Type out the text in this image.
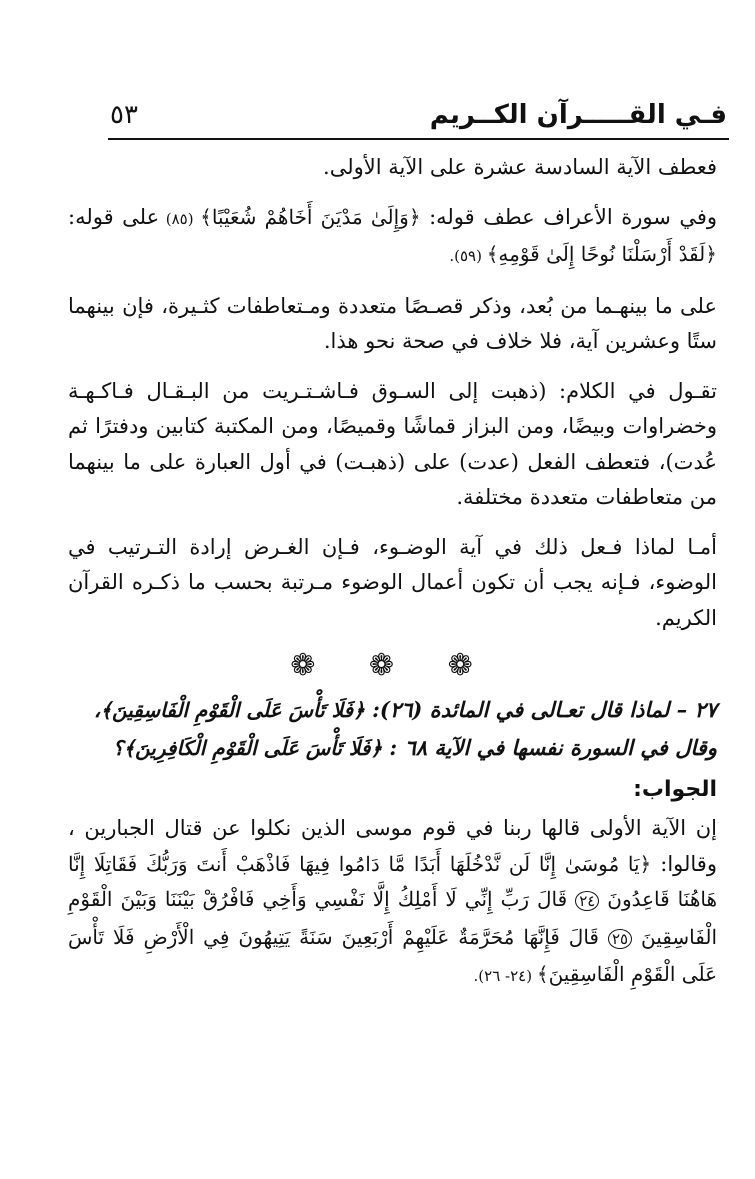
فـي القـــــرآن الكــريم
٥٣

فعطف الآية السادسة عشرة على الآية الأولى.

وفي سورة الأعراف عطف قوله: ﴿وَإِلَىٰ مَدْيَنَ أَخَاهُمْ شُعَيْبًا﴾ (٨٥) على قوله: ﴿لَقَدْ أَرْسَلْنَا نُوحًا إِلَىٰ قَوْمِهِ﴾ (٥٩).

على ما بينهـما من بُعد، وذكر قصـصًا متعددة ومـتعاطفات كثـيرة، فإن بينهما ستًا وعشرين آية، فلا خلاف في صحة نحو هذا.

تقـول في الكلام: (ذهبت إلى السـوق فـاشـتـريت من البـقـال فـاكـهـة وخضراوات وبيضًا، ومن البزاز قماشًا وقميصًا، ومن المكتبة كتابين ودفترًا ثم عُدت)، فتعطف الفعل (عدت) على (ذهبـت) في أول العبارة على ما بينهما من متعاطفات متعددة مختلفة.

أمـا لماذا فـعل ذلك في آية الوضـوء، فـإن الغـرض إرادة التـرتيب في الوضوء، فـإنه يجب أن تكون أعمال الوضوء مـرتبة بحسب ما ذكـره القرآن الكريم.

❁ ❁ ❁

٢٧ – لماذا قال تعـالى في المائدة (٢٦): ﴿فَلَا تَأْسَ عَلَى الْقَوْمِ الْفَاسِقِينَ﴾،

وقال في السورة نفسها في الآية ٦٨ : ﴿فَلَا تَأْسَ عَلَى الْقَوْمِ الْكَافِرِينَ﴾؟

الجواب:

إن الآية الأولى قالها ربنا في قوم موسى الذين نكلوا عن قتال الجبارين ، وقالوا: ﴿يَا مُوسَىٰ إِنَّا لَن نَّدْخُلَهَا أَبَدًا مَّا دَامُوا فِيهَا فَاذْهَبْ أَنتَ وَرَبُّكَ فَقَاتِلَا إِنَّا هَاهُنَا قَاعِدُونَ ٢٤ قَالَ رَبِّ إِنِّي لَا أَمْلِكُ إِلَّا نَفْسِي وَأَخِي فَافْرُقْ بَيْنَنَا وَبَيْنَ الْقَوْمِ الْفَاسِقِينَ ٢٥ قَالَ فَإِنَّهَا مُحَرَّمَةٌ عَلَيْهِمْ أَرْبَعِينَ سَنَةً يَتِيهُونَ فِي الْأَرْضِ فَلَا تَأْسَ عَلَى الْقَوْمِ الْفَاسِقِينَ﴾ (٢٤- ٢٦).
